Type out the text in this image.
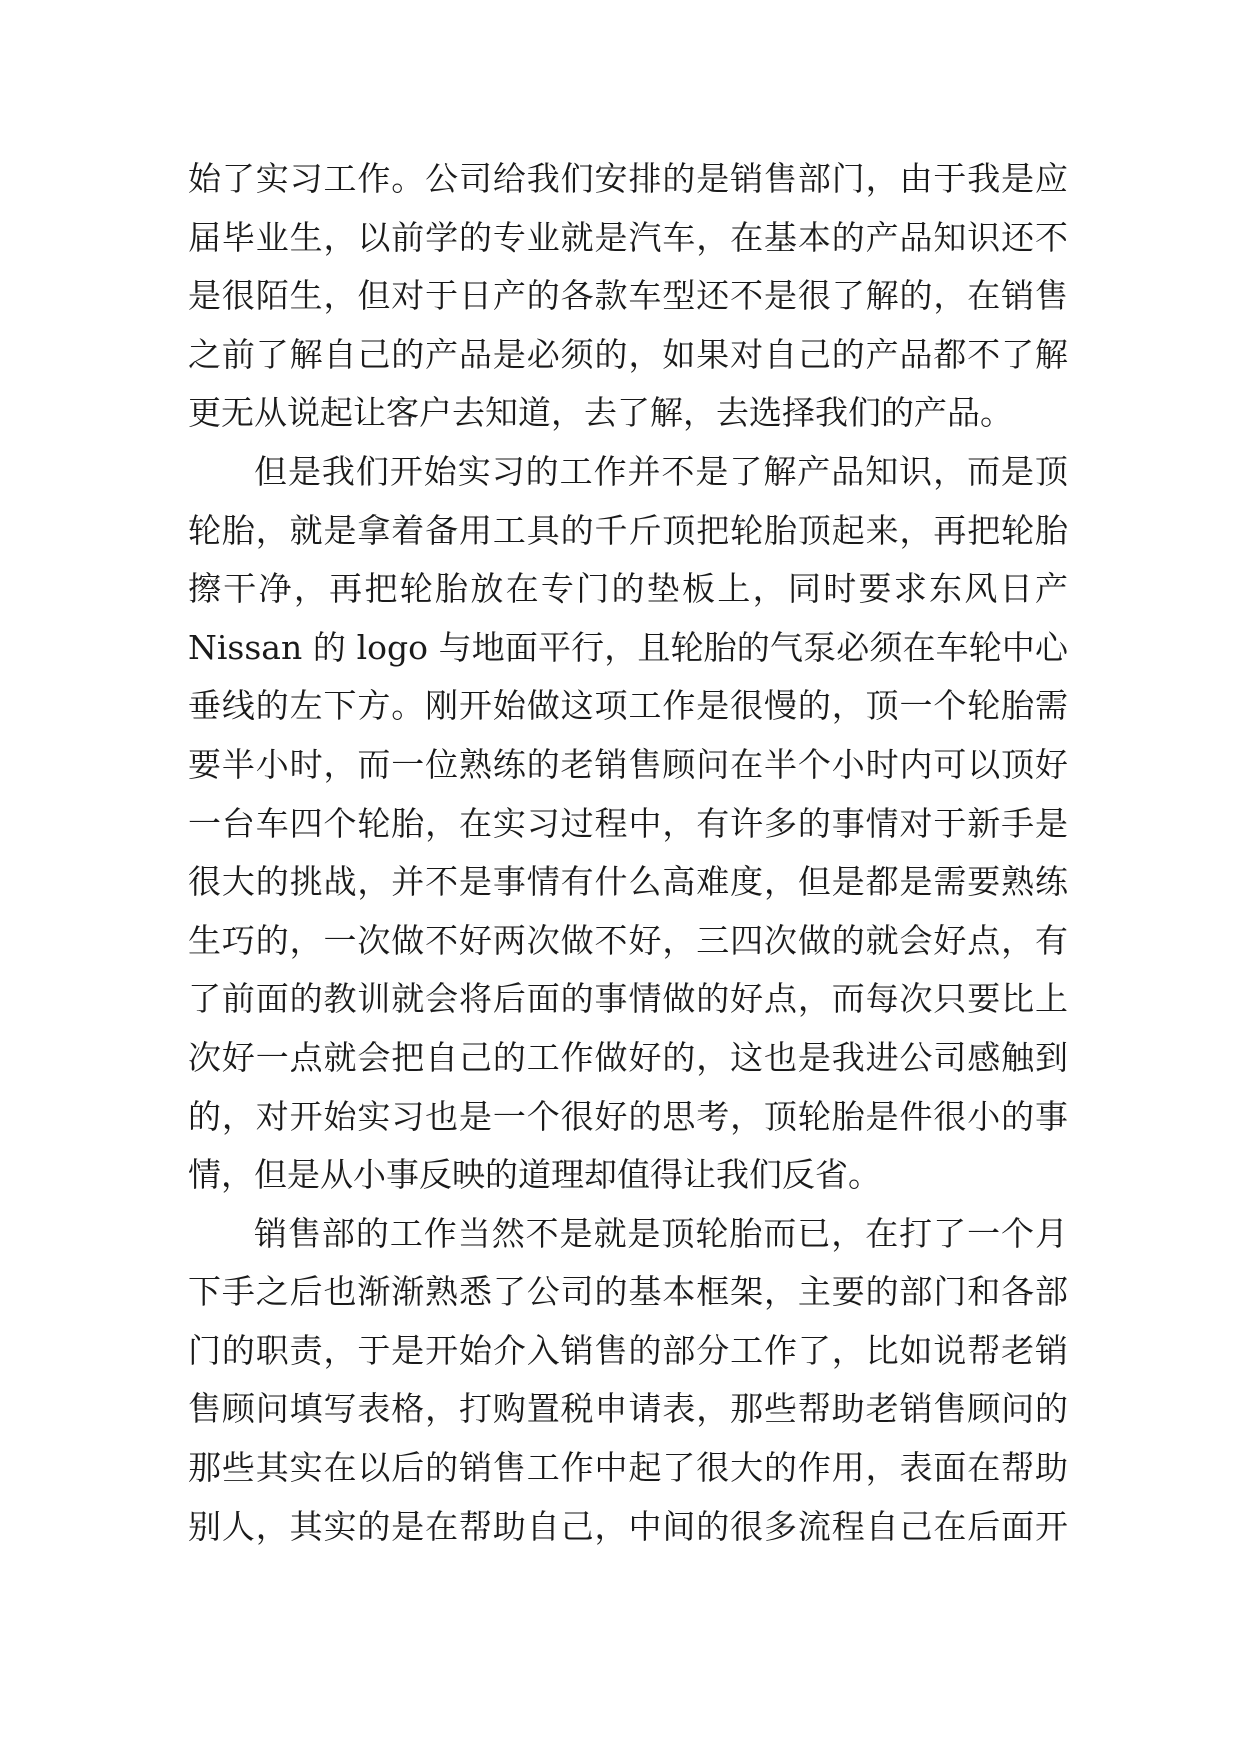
始了实习工作。公司给我们安排的是销售部门，由于我是应
届毕业生，以前学的专业就是汽车，在基本的产品知识还不
是很陌生，但对于日产的各款车型还不是很了解的，在销售
之前了解自己的产品是必须的，如果对自己的产品都不了解
更无从说起让客户去知道，去了解，去选择我们的产品。
但是我们开始实习的工作并不是了解产品知识，而是顶
轮胎，就是拿着备用工具的千斤顶把轮胎顶起来，再把轮胎
擦干净，再把轮胎放在专门的垫板上，同时要求东风日产
Nissan 的 logo 与地面平行，且轮胎的气泵必须在车轮中心
垂线的左下方。刚开始做这项工作是很慢的，顶一个轮胎需
要半小时，而一位熟练的老销售顾问在半个小时内可以顶好
一台车四个轮胎，在实习过程中，有许多的事情对于新手是
很大的挑战，并不是事情有什么高难度，但是都是需要熟练
生巧的，一次做不好两次做不好，三四次做的就会好点，有
了前面的教训就会将后面的事情做的好点，而每次只要比上
次好一点就会把自己的工作做好的，这也是我进公司感触到
的，对开始实习也是一个很好的思考，顶轮胎是件很小的事
情，但是从小事反映的道理却值得让我们反省。
销售部的工作当然不是就是顶轮胎而已，在打了一个月
下手之后也渐渐熟悉了公司的基本框架，主要的部门和各部
门的职责，于是开始介入销售的部分工作了，比如说帮老销
售顾问填写表格，打购置税申请表，那些帮助老销售顾问的
那些其实在以后的销售工作中起了很大的作用，表面在帮助
别人，其实的是在帮助自己，中间的很多流程自己在后面开
